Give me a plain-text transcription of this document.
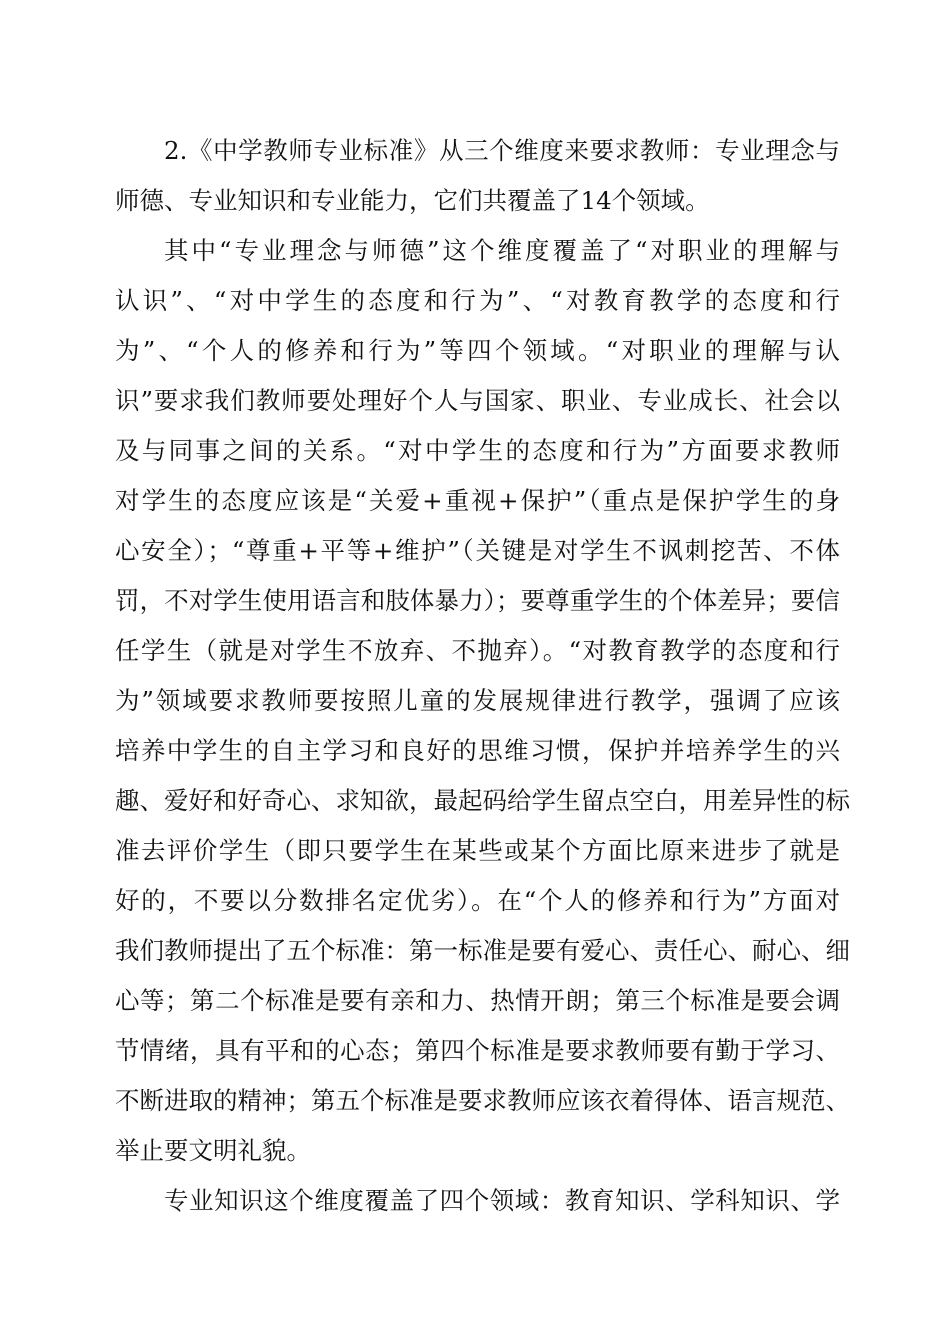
2.《中学教师专业标准》从三个维度来要求教师：专业理念与
师德、专业知识和专业能力，它们共覆盖了14个领域。
其中“专业理念与师德”这个维度覆盖了“对职业的理解与
认识”、“对中学生的态度和行为”、“对教育教学的态度和行
为”、“个人的修养和行为”等四个领域。“对职业的理解与认
识”要求我们教师要处理好个人与国家、职业、专业成长、社会以
及与同事之间的关系。“对中学生的态度和行为”方面要求教师
对学生的态度应该是“关爱+重视+保护”（重点是保护学生的身
心安全）；“尊重+平等+维护”（关键是对学生不讽刺挖苦、不体
罚，不对学生使用语言和肢体暴力）；要尊重学生的个体差异；要信
任学生（就是对学生不放弃、不抛弃）。“对教育教学的态度和行
为”领域要求教师要按照儿童的发展规律进行教学，强调了应该
培养中学生的自主学习和良好的思维习惯，保护并培养学生的兴
趣、爱好和好奇心、求知欲，最起码给学生留点空白，用差异性的标
准去评价学生（即只要学生在某些或某个方面比原来进步了就是
好的，不要以分数排名定优劣）。在“个人的修养和行为”方面对
我们教师提出了五个标准：第一标准是要有爱心、责任心、耐心、细
心等；第二个标准是要有亲和力、热情开朗；第三个标准是要会调
节情绪，具有平和的心态；第四个标准是要求教师要有勤于学习、
不断进取的精神；第五个标准是要求教师应该衣着得体、语言规范、
举止要文明礼貌。
专业知识这个维度覆盖了四个领域：教育知识、学科知识、学
